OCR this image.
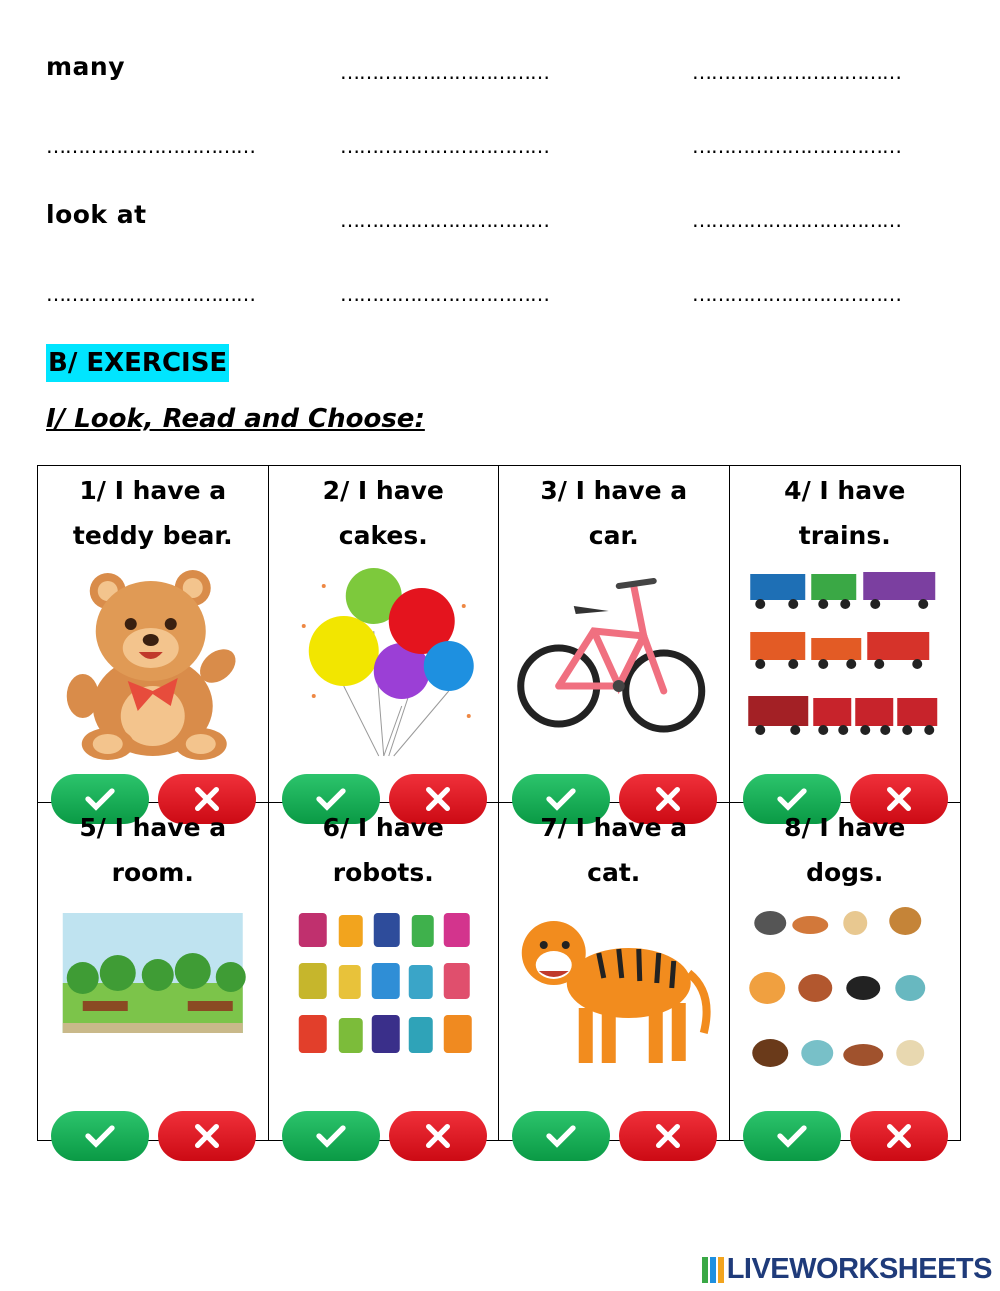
many	……………………………	……………………………
……………………………	……………………………	……………………………
look at	……………………………	……………………………
……………………………	……………………………	……………………………
B/ EXERCISE
I/ Look, Read and Choose:
1/ I have a teddy bear.
2/ I have cakes.
3/ I have a car.
4/ I have trains.
5/ I have a room.
6/ I have robots.
7/ I have a cat.
8/ I have dogs.
LIVEWORKSHEETS
